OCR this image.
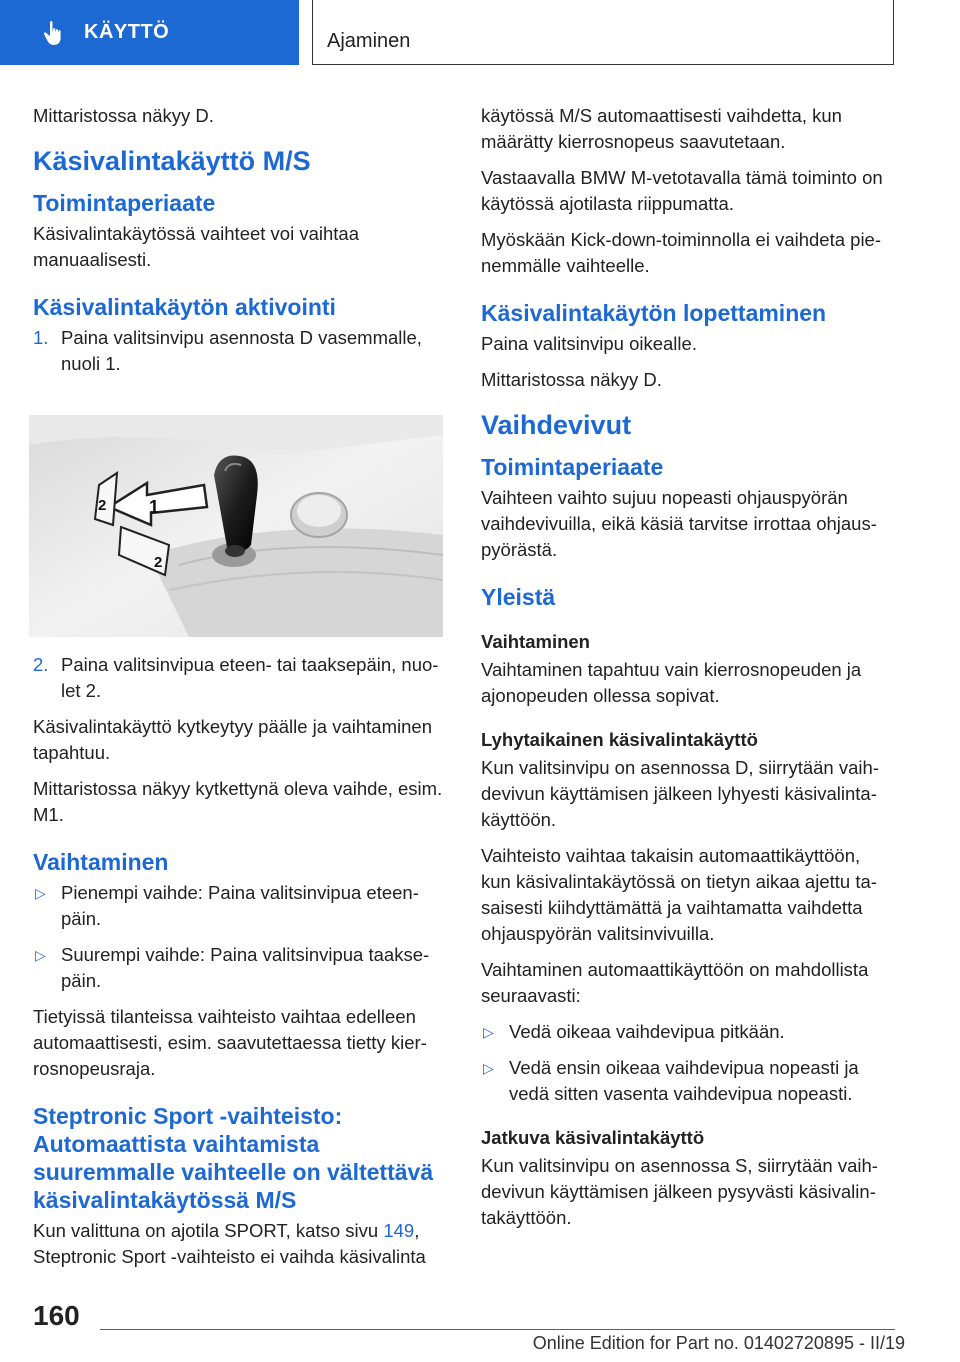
KÄYTTÖ	Ajaminen

Mittaristossa näkyy D.

Käsivalintakäyttö M/S
Toimintaperiaate

Käsivalintakäytössä vaihteet voi vaihtaa manuaalisesti.

Käsivalintakäytön aktivointi
1. Paina valitsinvipu asennosta D vasemmalle, nuoli 1.
1
2
2
2. Paina valitsinvipua eteen- tai taaksepäin, nuolet 2.

Käsivalintakäyttö kytkeytyy päälle ja vaihtaminen tapahtuu.

Mittaristossa näkyy kytkettynä oleva vaihde, esim. M1.

Vaihtaminen
▷ Pienempi vaihde: Paina valitsinvipua eteenpäin.
▷ Suurempi vaihde: Paina valitsinvipua taaksepäin.

Tietyissä tilanteissa vaihteisto vaihtaa edelleen automaattisesti, esim. saavutettaessa tietty kierrosnopeusraja.

Steptronic Sport -vaihteisto: Automaattista vaihtamista suuremmalle vaihteelle on vältettävä käsivalintakäytössä M/S

Kun valittuna on ajotila SPORT, katso sivu 149, Steptronic Sport -vaihteisto ei vaihda käsivalinta

käytössä M/S automaattisesti vaihdetta, kun määrätty kierrosnopeus saavutetaan.

Vastaavalla BMW M-vetotavalla tämä toiminto on käytössä ajotilasta riippumatta.

Myöskään Kick-down-toiminnolla ei vaihdeta pienemmälle vaihteelle.

Käsivalintakäytön lopettaminen

Paina valitsinvipu oikealle.

Mittaristossa näkyy D.

Vaihdevivut
Toimintaperiaate

Vaihteen vaihto sujuu nopeasti ohjauspyörän vaihdevivuilla, eikä käsiä tarvitse irrottaa ohjauspyörästä.

Yleistä
Vaihtaminen

Vaihtaminen tapahtuu vain kierrosnopeuden ja ajonopeuden ollessa sopivat.

Lyhytaikainen käsivalintakäyttö

Kun valitsinvipu on asennossa D, siirrytään vaihdevivun käyttämisen jälkeen lyhyesti käsivalintakäyttöön.

Vaihteisto vaihtaa takaisin automaattikäyttöön, kun käsivalintakäytössä on tietyn aikaa ajettu tasaisesti kiihdyttämättä ja vaihtamatta vaihdetta ohjauspyörän valitsinvivuilla.

Vaihtaminen automaattikäyttöön on mahdollista seuraavasti:

▷ Vedä oikeaa vaihdevipua pitkään.
▷ Vedä ensin oikeaa vaihdevipua nopeasti ja vedä sitten vasenta vaihdevipua nopeasti.
Jatkuva käsivalintakäyttö

Kun valitsinvipu on asennossa S, siirrytään vaihdevivun käyttämisen jälkeen pysyvästi käsivalintakäyttöön.

160
Online Edition for Part no. 01402720895 - II/19
